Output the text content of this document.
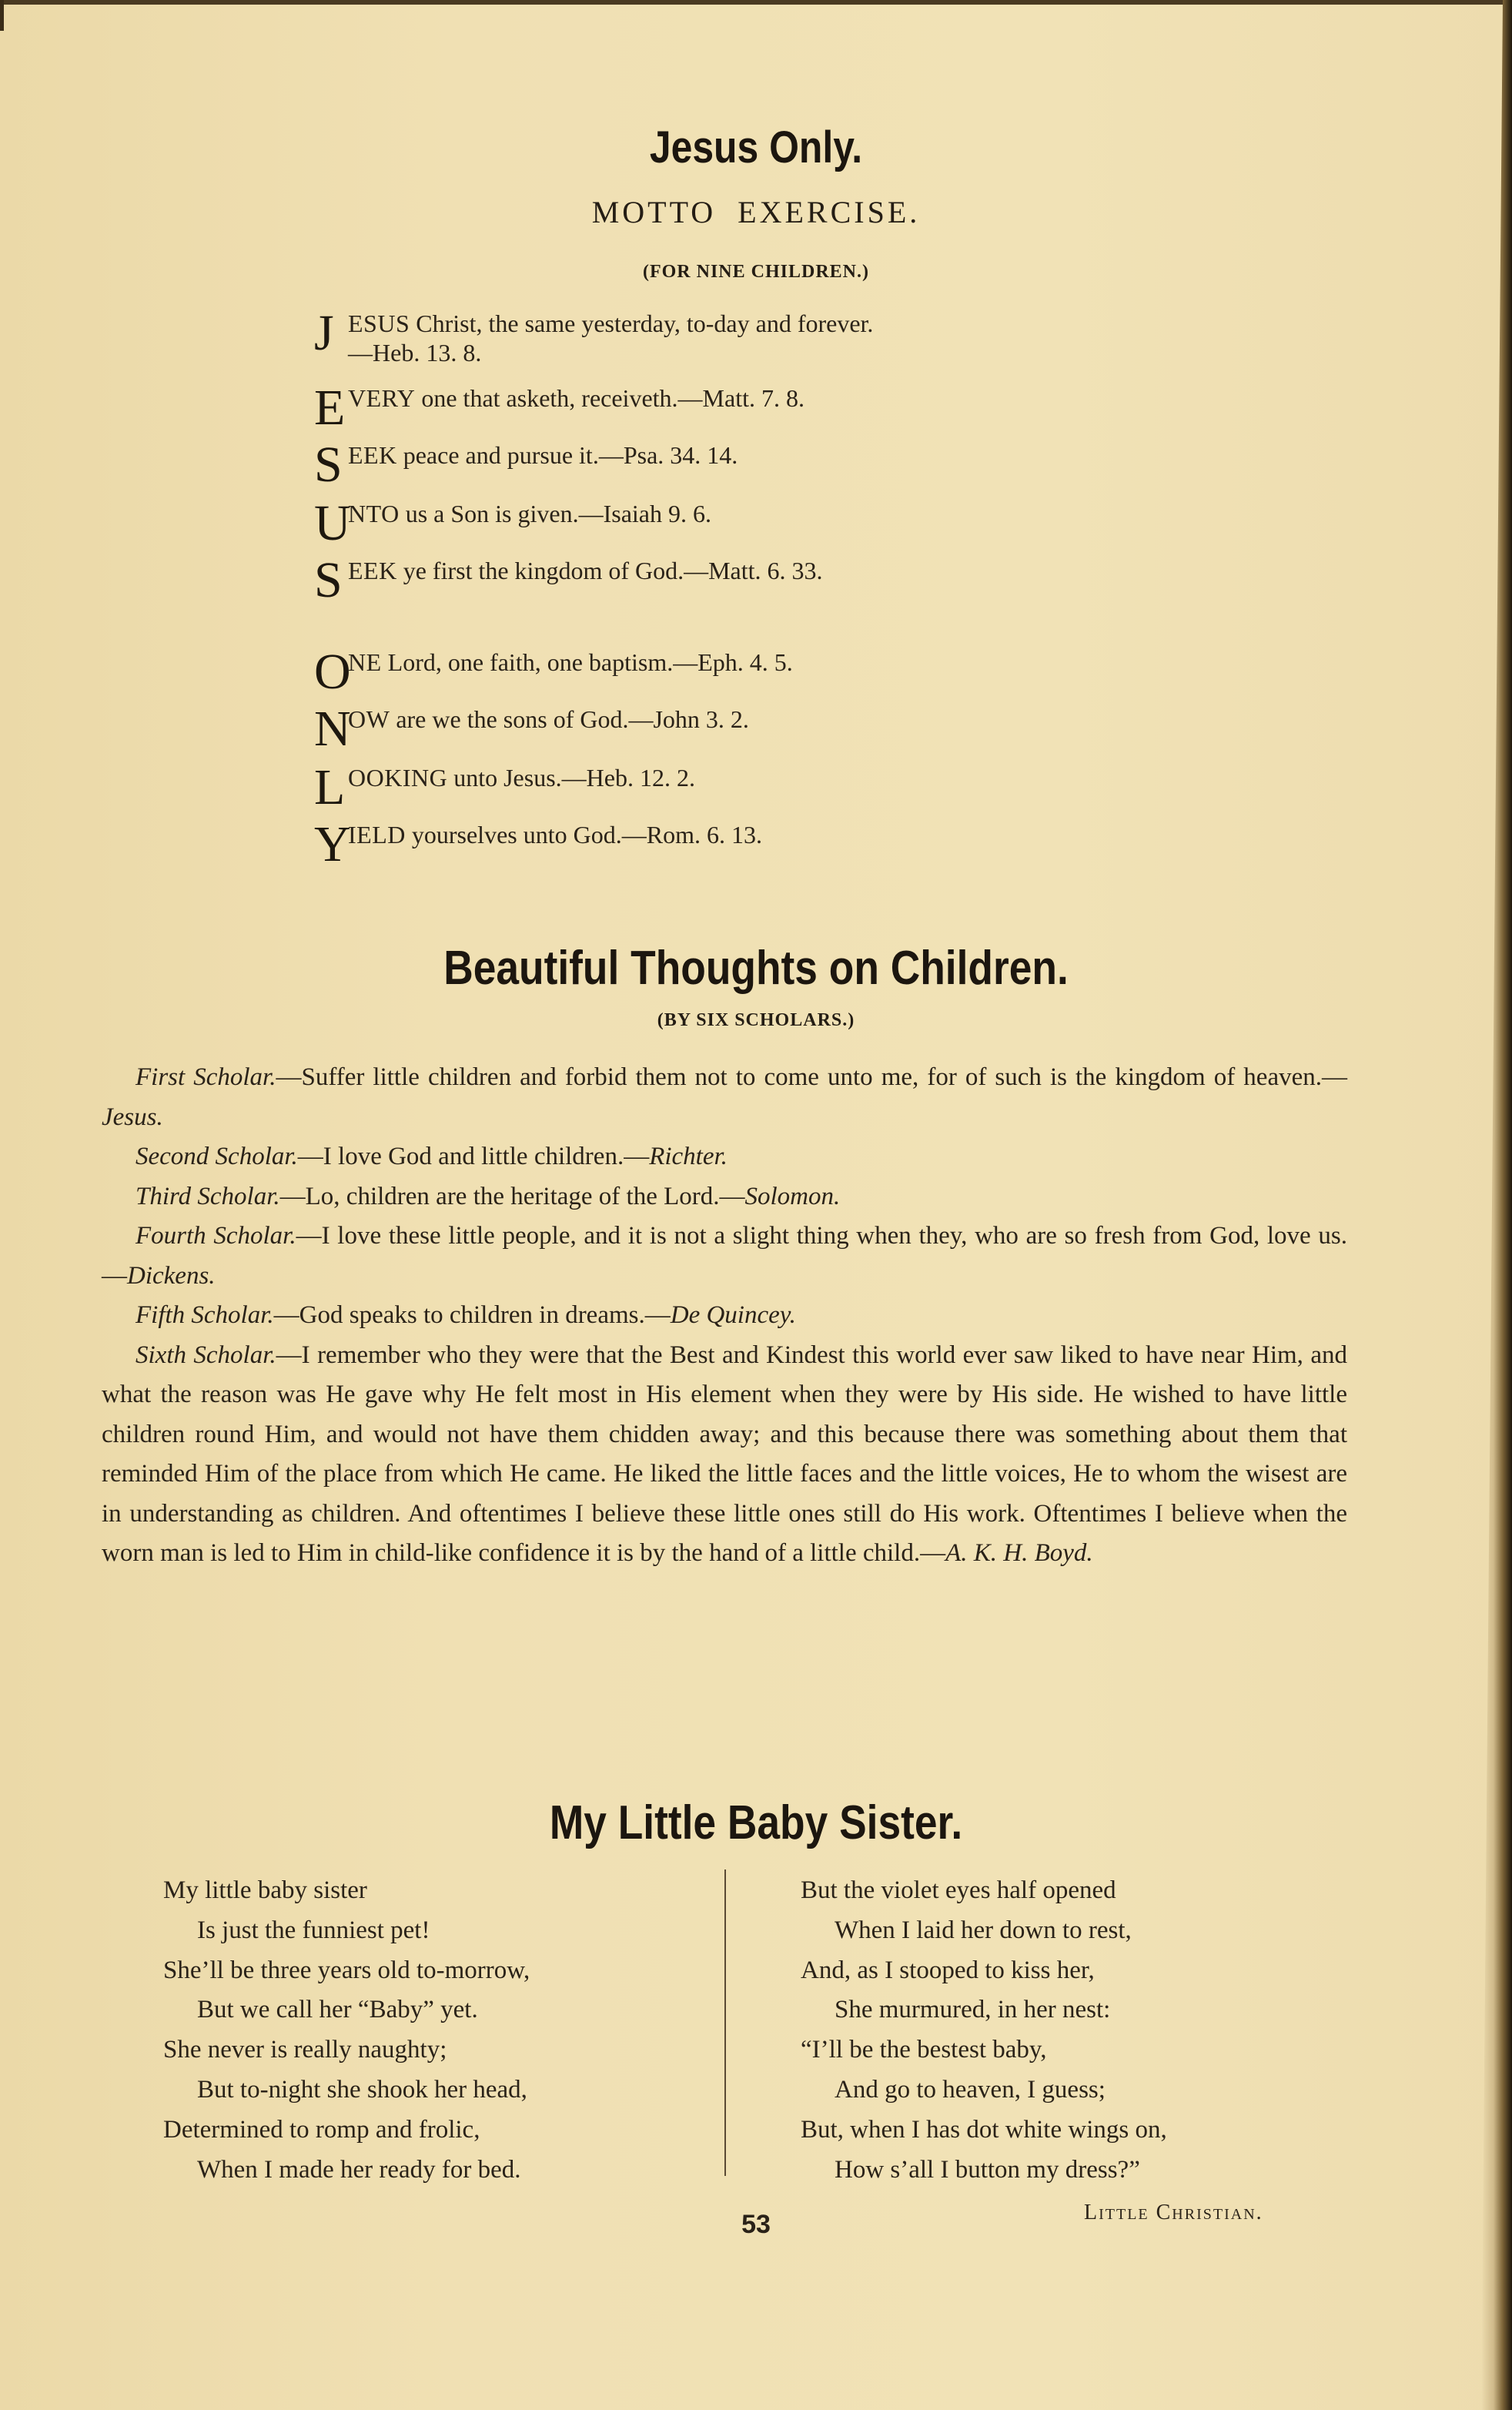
Jesus Only.
MOTTO EXERCISE.
(FOR NINE CHILDREN.)
J ESUS Christ, the same yesterday, to-day and forever.
—Heb. 13. 8.
E VERY one that asketh, receiveth.—Matt. 7. 8.
S EEK peace and pursue it.—Psa. 34. 14.
U
NTO us a Son is given.—Isaiah 9. 6.
S EEK ye first the kingdom of God.—Matt. 6. 33.
O
NE Lord, one faith, one baptism.—Eph. 4. 5.
N
OW are we the sons of God.—John 3. 2.
L OOKING unto Jesus.—Heb. 12. 2.
Y
IELD yourselves unto God.—Rom. 6. 13.
Beautiful Thoughts on Children.
(BY SIX SCHOLARS.)

First Scholar.—Suffer little children and forbid them not to come unto me, for of such is the kingdom of heaven.—Jesus.

Second Scholar.—I love God and little children.—Richter.

Third Scholar.—Lo, children are the heritage of the Lord.—Solomon.

Fourth Scholar.—I love these little people, and it is not a slight thing when they, who are so fresh from God, love us.—Dickens.

Fifth Scholar.—God speaks to children in dreams.—De Quincey.

Sixth Scholar.—I remember who they were that the Best and Kindest this world ever saw liked to have near Him, and what the reason was He gave why He felt most in His element when they were by His side. He wished to have little children round Him, and would not have them chidden away; and this because there was something about them that reminded Him of the place from which He came. He liked the little faces and the little voices, He to whom the wisest are in understanding as children. And oftentimes I believe these little ones still do His work. Oftentimes I believe when the worn man is led to Him in child-like confidence it is by the hand of a little child.—A. K. H. Boyd.

My Little Baby Sister.
My little baby sister
Is just the funniest pet!
She’ll be three years old to-morrow,
But we call her “Baby” yet.
She never is really naughty;
But to-night she shook her head,
Determined to romp and frolic,
When I made her ready for bed.
But the violet eyes half opened
When I laid her down to rest,
And, as I stooped to kiss her,
She murmured, in her nest:
“I’ll be the bestest baby,
And go to heaven, I guess;
But, when I has dot white wings on,
How s’all I button my dress?”
Little Christian.
53
